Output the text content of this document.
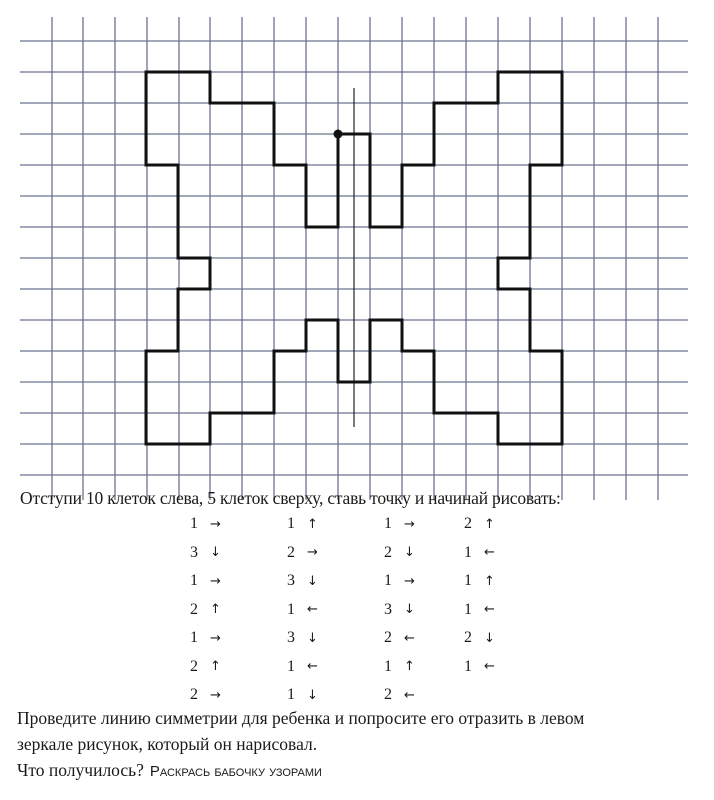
Отступи 10 клеток слева, 5 клеток сверху, ставь точку и начинай рисовать:
1 →	1 ↑	1 →	2 ↑
3 ↓	2 →	2 ↓	1 ←
1 →	3 ↓	1 →	1 ↑
2 ↑	1 ←	3 ↓	1 ←
1 →	3 ↓	2 ←	2 ↓
2 ↑	1 ←	1 ↑	1 ←
2 →	1 ↓	2 ←
Проведите линию симметрии для ребенка и попросите его отразить в левом
зеркале рисунок, который он нарисовал.
Что получилось? Раскрась бабочку узорами
